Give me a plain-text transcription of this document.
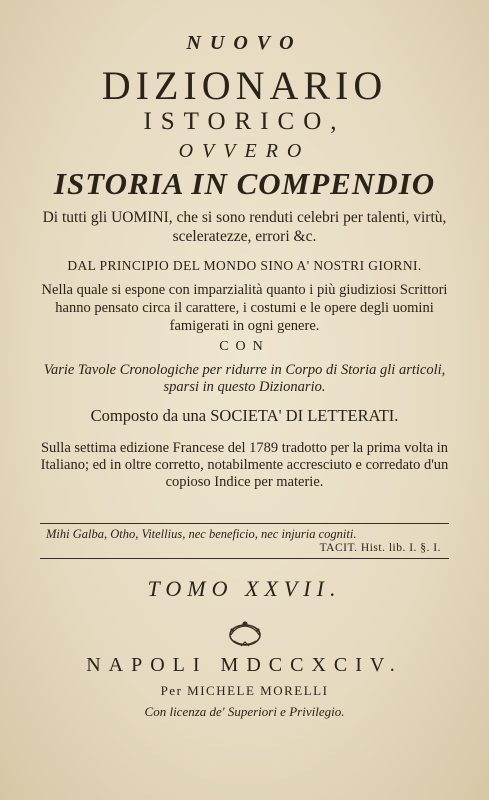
NUOVO
DIZIONARIO
ISTORICO,
OVVERO
ISTORIA IN COMPENDIO
Di tutti gli UOMINI, che si sono renduti celebri per talenti, virtù, sceleratezze, errori &c.
DAL PRINCIPIO DEL MONDO SINO A' NOSTRI GIORNI.
Nella quale si espone con imparzialità quanto i più giudiziosi Scrittori hanno pensato circa il carattere, i costumi e le opere degli uomini famigerati in ogni genere.
CON
Varie Tavole Cronologiche per ridurre in Corpo di Storia gli articoli, sparsi in questo Dizionario.
Composto da una SOCIETA' DI LETTERATI.
Sulla settima edizione Francese del 1789 tradotto per la prima volta in Italiano; ed in oltre corretto, notabilmente accresciuto e corredato d'un copioso Indice per materie.
Mihi Galba, Otho, Vitellius, nec beneficio, nec injuria cogniti.
TACIT. Hist. lib. I. §. I.
TOMO XXVII.
NAPOLI MDCCXCIV.
Per MICHELE MORELLI
Con licenza de' Superiori e Privilegio.
